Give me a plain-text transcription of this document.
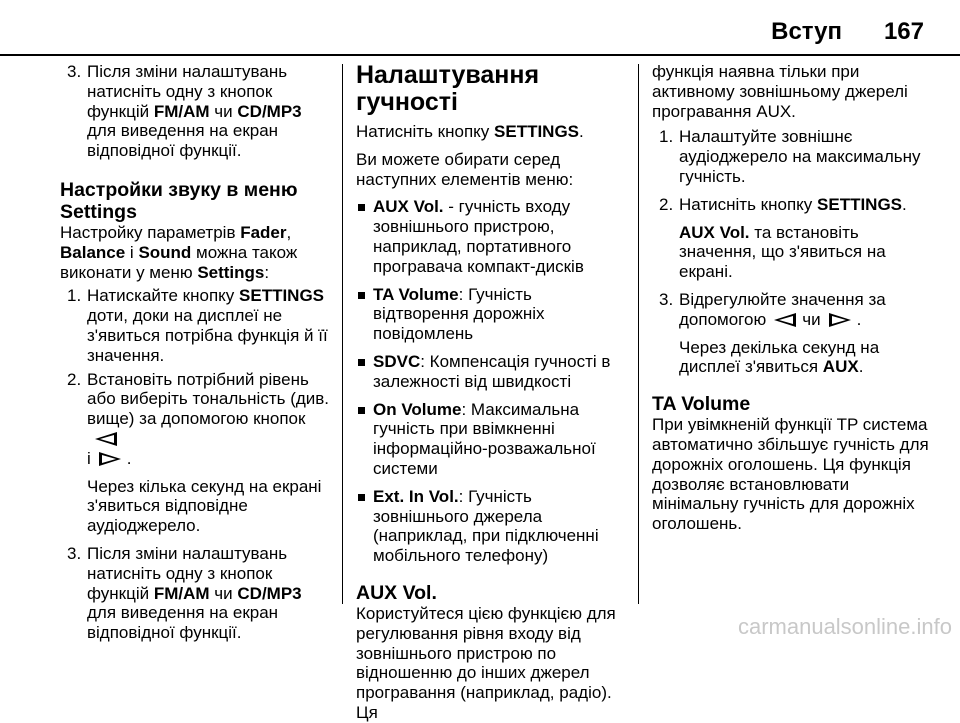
Вступ 167
3. Після зміни налаштувань натисніть одну з кнопок функцій FM/AM чи CD/MP3 для виведення на екран відповідної функції.

Настройки звуку в меню Settings

Настройку параметрів Fader, Balance і Sound можна також виконати у меню Settings:

1. Натискайте кнопку SETTINGS доти, доки на дисплеї не з'явиться потрібна функція й її значення.
2. Встановіть потрібний рівень або виберіть тональність (див. вище) за допомогою кнопок
і .

Через кілька секунд на екрані з'явиться відповідне аудіоджерело.

3. Після зміни налаштувань натисніть одну з кнопок функцій FM/AM чи CD/MP3 для виведення на екран відповідної функції.

Налаштування гучності

Натисніть кнопку SETTINGS.

Ви можете обирати серед наступних елементів меню:

AUX Vol. - гучність входу зовнішнього пристрою, наприклад, портативного програвача компакт-дисків
TA Volume: Гучність відтворення дорожніх повідомлень
SDVC: Компенсація гучності в залежності від швидкості
On Volume: Максимальна гучність при ввімкненні інформаційно-розважальної системи
Ext. In Vol.: Гучність зовнішнього джерела (наприклад, при підключенні мобільного телефону)

AUX Vol.

Користуйтеся цією функцією для регулювання рівня входу від зовнішнього пристрою по відношенню до інших джерел програвання (наприклад, радіо). Ця

функція наявна тільки при активному зовнішньому джерелі програвання AUX.

1. Налаштуйте зовнішнє аудіоджерело на максимальну гучність.
2. Натисніть кнопку SETTINGS.

AUX Vol. та встановіть значення, що з'явиться на екрані.

3. Відрегулюйте значення за допомогою чи .

Через декілька секунд на дисплеї з'явиться AUX.

TA Volume

При увімкненій функції TP система автоматично збільшує гучність для дорожніх оголошень. Ця функція дозволяє встановлювати мінімальну гучність для дорожніх оголошень.

carmanualsonline.info
